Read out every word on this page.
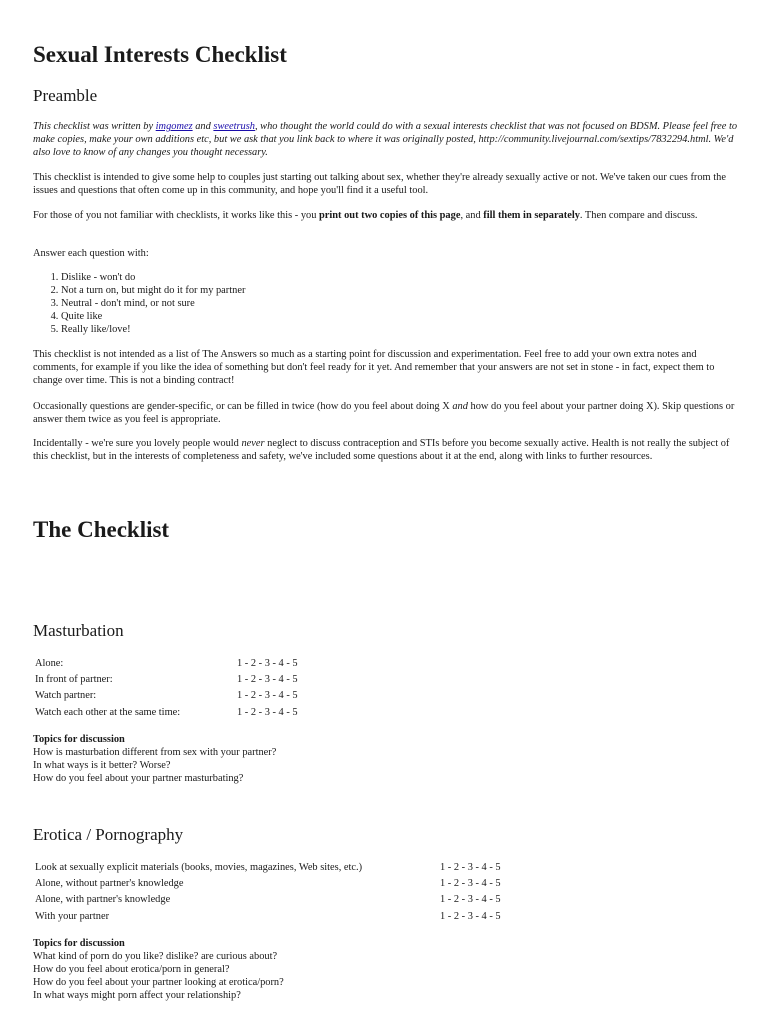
Sexual Interests Checklist
Preamble

This checklist was written by imgomez and sweetrush, who thought the world could do with a sexual interests checklist that was not focused on BDSM. Please feel free to make copies, make your own additions etc, but we ask that you link back to where it was originally posted, http://community.livejournal.com/sextips/7832294.html. We'd also love to know of any changes you thought necessary.

This checklist is intended to give some help to couples just starting out talking about sex, whether they're already sexually active or not. We've taken our cues from the issues and questions that often come up in this community, and hope you'll find it a useful tool.

For those of you not familiar with checklists, it works like this - you print out two copies of this page, and fill them in separately. Then compare and discuss.

Answer each question with:

1. Dislike - won't do
2. Not a turn on, but might do it for my partner
3. Neutral - don't mind, or not sure
4. Quite like
5. Really like/love!

This checklist is not intended as a list of The Answers so much as a starting point for discussion and experimentation. Feel free to add your own extra notes and comments, for example if you like the idea of something but don't feel ready for it yet. And remember that your answers are not set in stone - in fact, expect them to change over time. This is not a binding contract!

Occasionally questions are gender-specific, or can be filled in twice (how do you feel about doing X and how do you feel about your partner doing X). Skip questions or answer them twice as you feel is appropriate.

Incidentally - we're sure you lovely people would never neglect to discuss contraception and STIs before you become sexually active. Health is not really the subject of this checklist, but in the interests of completeness and safety, we've included some questions about it at the end, along with links to further resources.

The Checklist
Masturbation
Alone:	1 - 2 - 3 - 4 - 5
In front of partner:	1 - 2 - 3 - 4 - 5
Watch partner:	1 - 2 - 3 - 4 - 5
Watch each other at the same time:	1 - 2 - 3 - 4 - 5
Topics for discussion
How is masturbation different from sex with your partner?
In what ways is it better? Worse?
How do you feel about your partner masturbating?
Erotica / Pornography
Look at sexually explicit materials (books, movies, magazines, Web sites, etc.)	1 - 2 - 3 - 4 - 5
Alone, without partner's knowledge	1 - 2 - 3 - 4 - 5
Alone, with partner's knowledge	1 - 2 - 3 - 4 - 5
With your partner	1 - 2 - 3 - 4 - 5
Topics for discussion
What kind of porn do you like? dislike? are curious about?
How do you feel about erotica/porn in general?
How do you feel about your partner looking at erotica/porn?
In what ways might porn affect your relationship?
